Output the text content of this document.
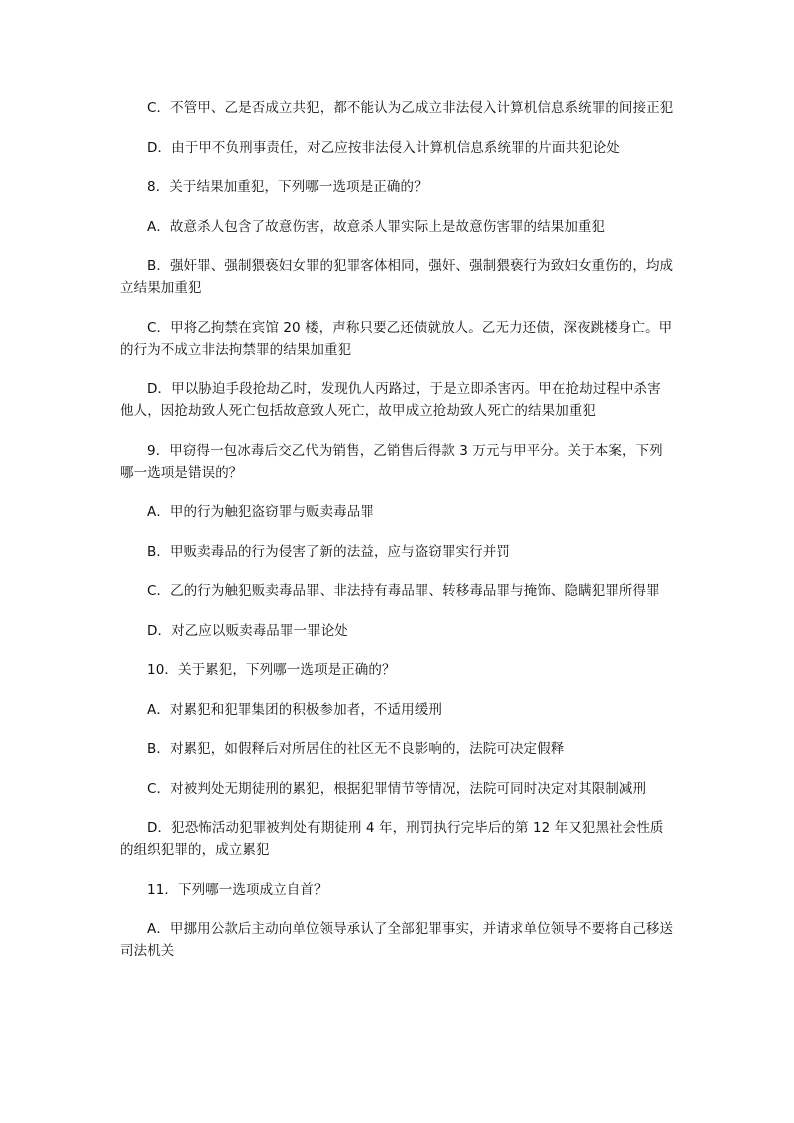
C．不管甲、乙是否成立共犯，都不能认为乙成立非法侵入计算机信息系统罪的间接正犯

D．由于甲不负刑事责任，对乙应按非法侵入计算机信息系统罪的片面共犯论处

8．关于结果加重犯，下列哪一选项是正确的？

A．故意杀人包含了故意伤害，故意杀人罪实际上是故意伤害罪的结果加重犯

B．强奸罪、强制猥亵妇女罪的犯罪客体相同，强奸、强制猥亵行为致妇女重伤的，均成立结果加重犯

C．甲将乙拘禁在宾馆 20 楼，声称只要乙还债就放人。乙无力还债，深夜跳楼身亡。甲的行为不成立非法拘禁罪的结果加重犯

D．甲以胁迫手段抢劫乙时，发现仇人丙路过，于是立即杀害丙。甲在抢劫过程中杀害他人，因抢劫致人死亡包括故意致人死亡，故甲成立抢劫致人死亡的结果加重犯

9．甲窃得一包冰毒后交乙代为销售，乙销售后得款 3 万元与甲平分。关于本案，下列哪一选项是错误的？

A．甲的行为触犯盗窃罪与贩卖毒品罪

B．甲贩卖毒品的行为侵害了新的法益，应与盗窃罪实行并罚

C．乙的行为触犯贩卖毒品罪、非法持有毒品罪、转移毒品罪与掩饰、隐瞒犯罪所得罪

D．对乙应以贩卖毒品罪一罪论处

10．关于累犯，下列哪一选项是正确的？

A．对累犯和犯罪集团的积极参加者，不适用缓刑

B．对累犯，如假释后对所居住的社区无不良影响的，法院可决定假释

C．对被判处无期徒刑的累犯，根据犯罪情节等情况，法院可同时决定对其限制减刑

D．犯恐怖活动犯罪被判处有期徒刑 4 年，刑罚执行完毕后的第 12 年又犯黑社会性质的组织犯罪的，成立累犯

11．下列哪一选项成立自首？

A．甲挪用公款后主动向单位领导承认了全部犯罪事实，并请求单位领导不要将自己移送司法机关
